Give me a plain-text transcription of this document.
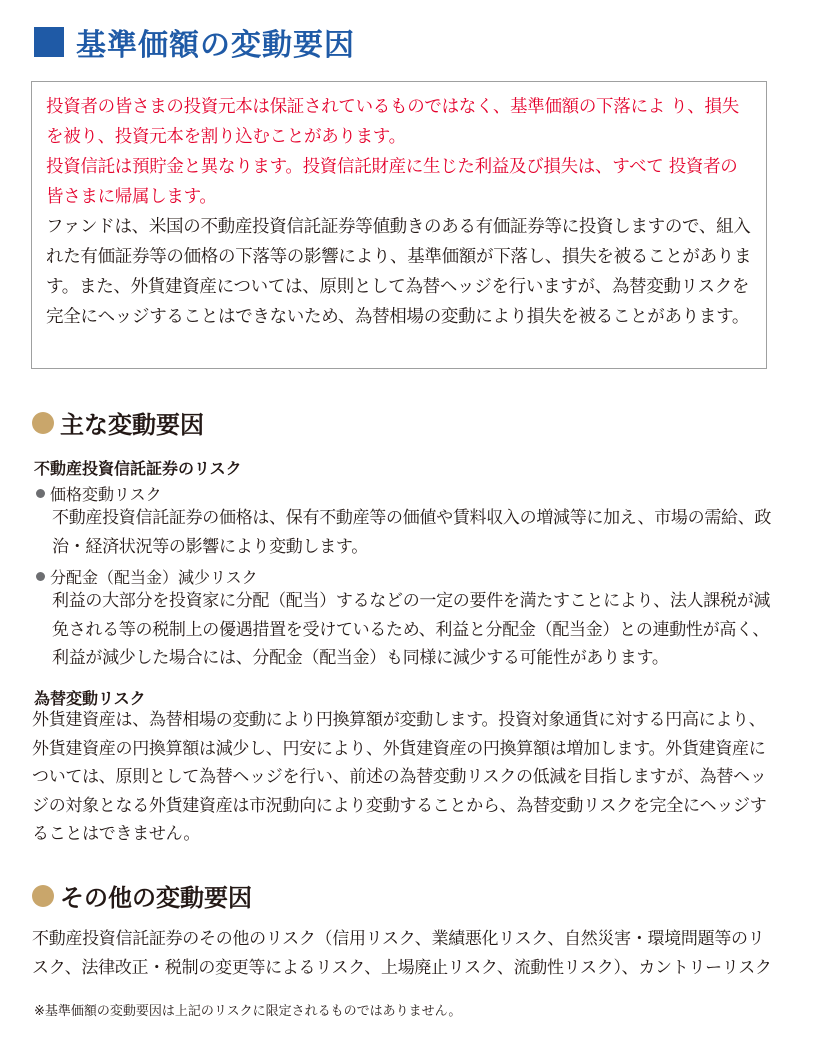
基準価額の変動要因

投資者の皆さまの投資元本は保証されているものではなく、基準価額の下落によ り、損失を被り、投資元本を割り込むことがあります。

投資信託は預貯金と異なります。投資信託財産に生じた利益及び損失は、すべて 投資者の皆さまに帰属します。

ファンドは、米国の不動産投資信託証券等値動きのある有価証券等に投資しますので、組入れた有価証券等の価格の下落等の影響により、基準価額が下落し、損失を被ることがあります。また、外貨建資産については、原則として為替ヘッジを行いますが、為替変動リスクを完全にヘッジすることはできないため、為替相場の変動により損失を被ることがあります。

主な変動要因
不動産投資信託証券のリスク
価格変動リスク

不動産投資信託証券の価格は、保有不動産等の価値や賃料収入の増減等に加え、市場の需給、政治・経済状況等の影響により変動します。

分配金（配当金）減少リスク

利益の大部分を投資家に分配（配当）するなどの一定の要件を満たすことにより、法人課税が減免される等の税制上の優遇措置を受けているため、利益と分配金（配当金）との連動性が高く、利益が減少した場合には、分配金（配当金）も同様に減少する可能性があります。

為替変動リスク

外貨建資産は、為替相場の変動により円換算額が変動します。投資対象通貨に対する円高により、外貨建資産の円換算額は減少し、円安により、外貨建資産の円換算額は増加します。外貨建資産については、原則として為替ヘッジを行い、前述の為替変動リスクの低減を目指しますが、為替ヘッジの対象となる外貨建資産は市況動向により変動することから、為替変動リスクを完全にヘッジすることはできません。

その他の変動要因

不動産投資信託証券のその他のリスク（信用リスク、業績悪化リスク、自然災害・環境問題等のリスク、法律改正・税制の変更等によるリスク、上場廃止リスク、流動性リスク）、カントリーリスク

※基準価額の変動要因は上記のリスクに限定されるものではありません。
